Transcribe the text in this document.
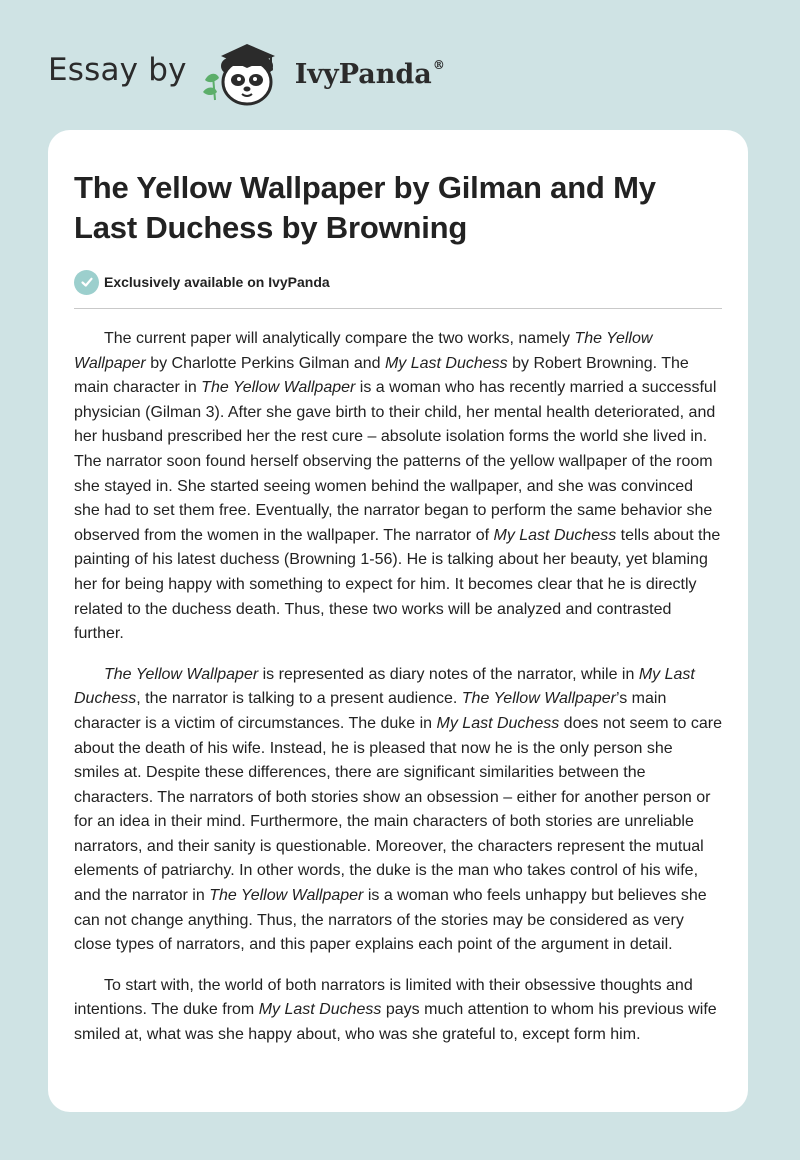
Essay by	IvyPanda®
The Yellow Wallpaper by Gilman and My Last Duchess by Browning
Exclusively available on IvyPanda

The current paper will analytically compare the two works, namely The Yellow Wallpaper by Charlotte Perkins Gilman and My Last Duchess by Robert Browning. The main character in The Yellow Wallpaper is a woman who has recently married a successful physician (Gilman 3). After she gave birth to their child, her mental health deteriorated, and her husband prescribed her the rest cure – absolute isolation forms the world she lived in. The narrator soon found herself observing the patterns of the yellow wallpaper of the room she stayed in. She started seeing women behind the wallpaper, and she was convinced she had to set them free. Eventually, the narrator began to perform the same behavior she observed from the women in the wallpaper. The narrator of My Last Duchess tells about the painting of his latest duchess (Browning 1-56). He is talking about her beauty, yet blaming her for being happy with something to expect for him. It becomes clear that he is directly related to the duchess death. Thus, these two works will be analyzed and contrasted further.

The Yellow Wallpaper is represented as diary notes of the narrator, while in My Last Duchess, the narrator is talking to a present audience. The Yellow Wallpaper’s main character is a victim of circumstances. The duke in My Last Duchess does not seem to care about the death of his wife. Instead, he is pleased that now he is the only person she smiles at. Despite these differences, there are significant similarities between the characters. The narrators of both stories show an obsession – either for another person or for an idea in their mind. Furthermore, the main characters of both stories are unreliable narrators, and their sanity is questionable. Moreover, the characters represent the mutual elements of patriarchy. In other words, the duke is the man who takes control of his wife, and the narrator in The Yellow Wallpaper is a woman who feels unhappy but believes she can not change anything. Thus, the narrators of the stories may be considered as very close types of narrators, and this paper explains each point of the argument in detail.

To start with, the world of both narrators is limited with their obsessive thoughts and intentions. The duke from My Last Duchess pays much attention to whom his previous wife smiled at, what was she happy about, who was she grateful to, except form him.
